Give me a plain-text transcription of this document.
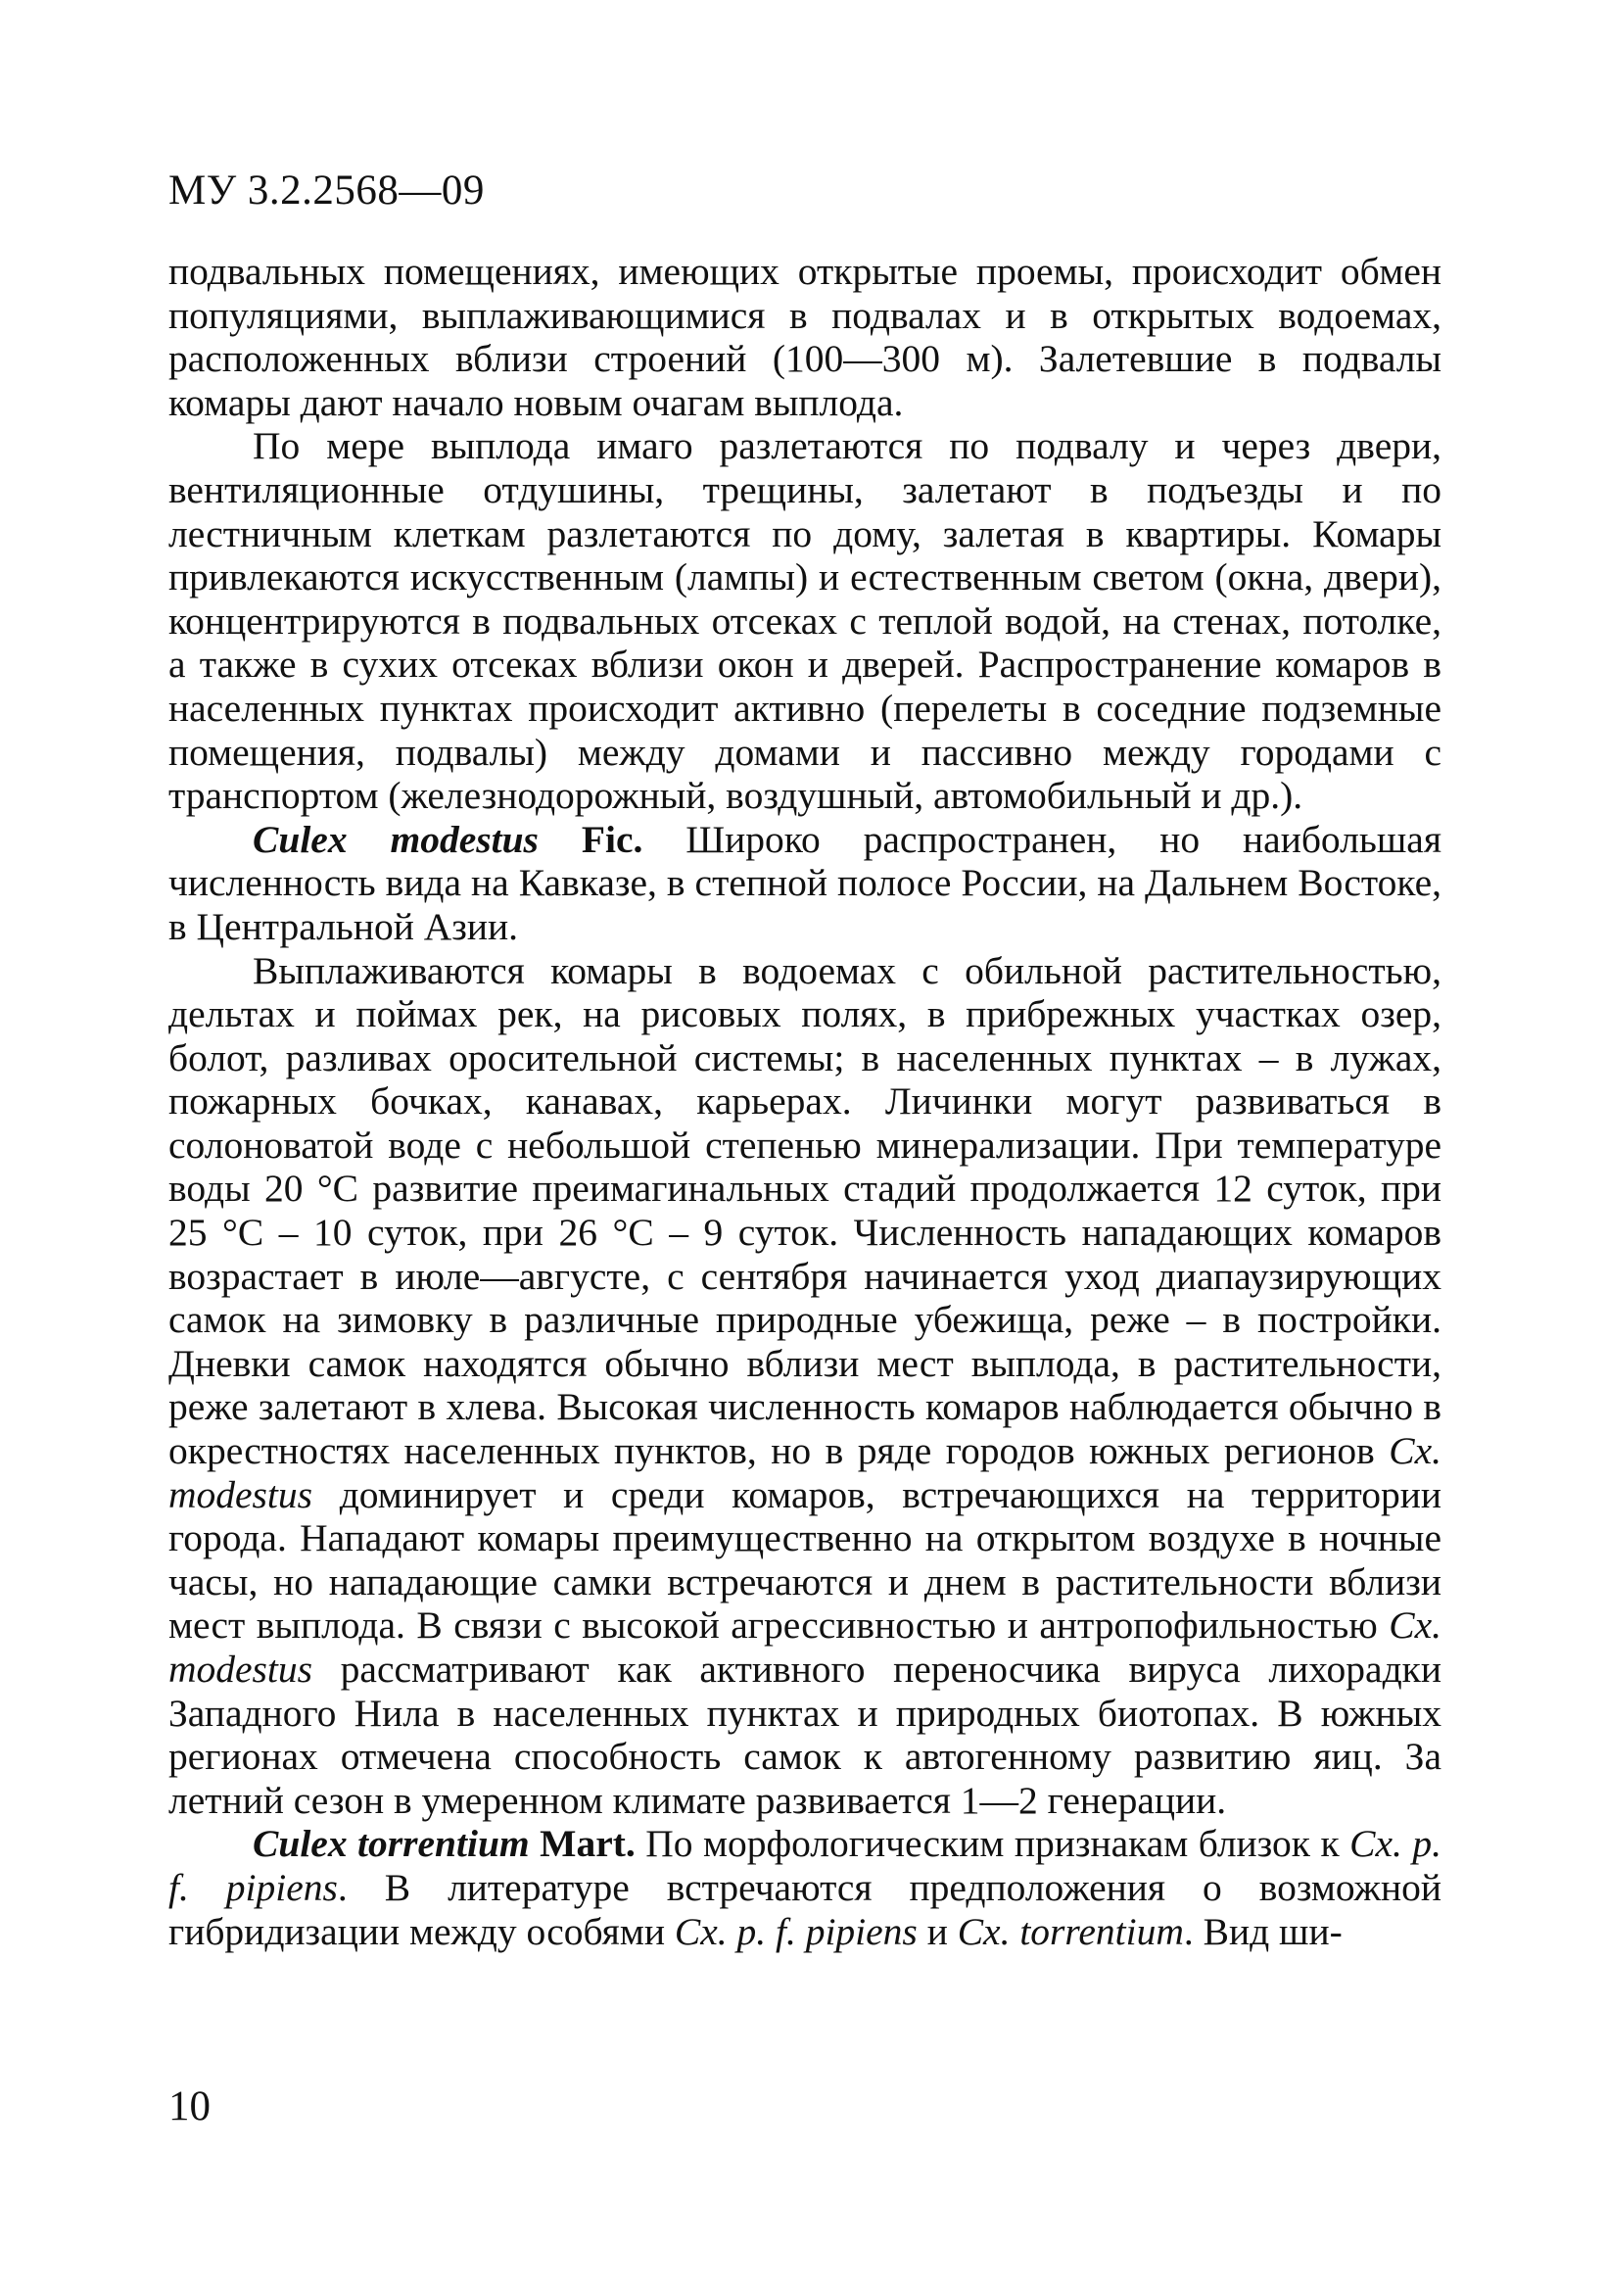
МУ 3.2.2568—09

подвальных помещениях, имеющих открытые проемы, происходит обмен популяциями, выплаживающимися в подвалах и в открытых водоемах, расположенных вблизи строений (100—300 м). Залетевшие в подвалы комары дают начало новым очагам выплода.

По мере выплода имаго разлетаются по подвалу и через двери, вентиляционные отдушины, трещины, залетают в подъезды и по лестничным клеткам разлетаются по дому, залетая в квартиры. Комары привлекаются искусственным (лампы) и естественным светом (окна, двери), концентрируются в подвальных отсеках с теплой водой, на стенах, потолке, а также в сухих отсеках вблизи окон и дверей. Распространение комаров в населенных пунктах происходит активно (перелеты в соседние подземные помещения, подвалы) между домами и пассивно между городами с транспортом (железнодорожный, воздушный, автомобильный и др.).

Culex modestus Fic. Широко распространен, но наибольшая численность вида на Кавказе, в степной полосе России, на Дальнем Востоке, в Центральной Азии.

Выплаживаются комары в водоемах с обильной растительностью, дельтах и поймах рек, на рисовых полях, в прибрежных участках озер, болот, разливах оросительной системы; в населенных пунктах – в лужах, пожарных бочках, канавах, карьерах. Личинки могут развиваться в солоноватой воде с небольшой степенью минерализации. При температуре воды 20 °С развитие преимагинальных стадий продолжается 12 суток, при 25 °С – 10 суток, при 26 °С – 9 суток. Численность нападающих комаров возрастает в июле—августе, с сентября начинается уход диапаузирующих самок на зимовку в различные природные убежища, реже – в постройки. Дневки самок находятся обычно вблизи мест выплода, в растительности, реже залетают в хлева. Высокая численность комаров наблюдается обычно в окрестностях населенных пунктов, но в ряде городов южных регионов Cx. modestus доминирует и среди комаров, встречающихся на территории города. Нападают комары преимущественно на открытом воздухе в ночные часы, но нападающие самки встречаются и днем в растительности вблизи мест выплода. В связи с высокой агрессивностью и антропофильностью Cx. modestus рассматривают как активного переносчика вируса лихорадки Западного Нила в населенных пунктах и природных биотопах. В южных регионах отмечена способность самок к автогенному развитию яиц. За летний сезон в умеренном климате развивается 1—2 генерации.

Culex torrentium Mart. По морфологическим признакам близок к Cx. p. f. pipiens. В литературе встречаются предположения о возможной гибридизации между особями Cx. p. f. pipiens и Cx. torrentium. Вид ши-

10
